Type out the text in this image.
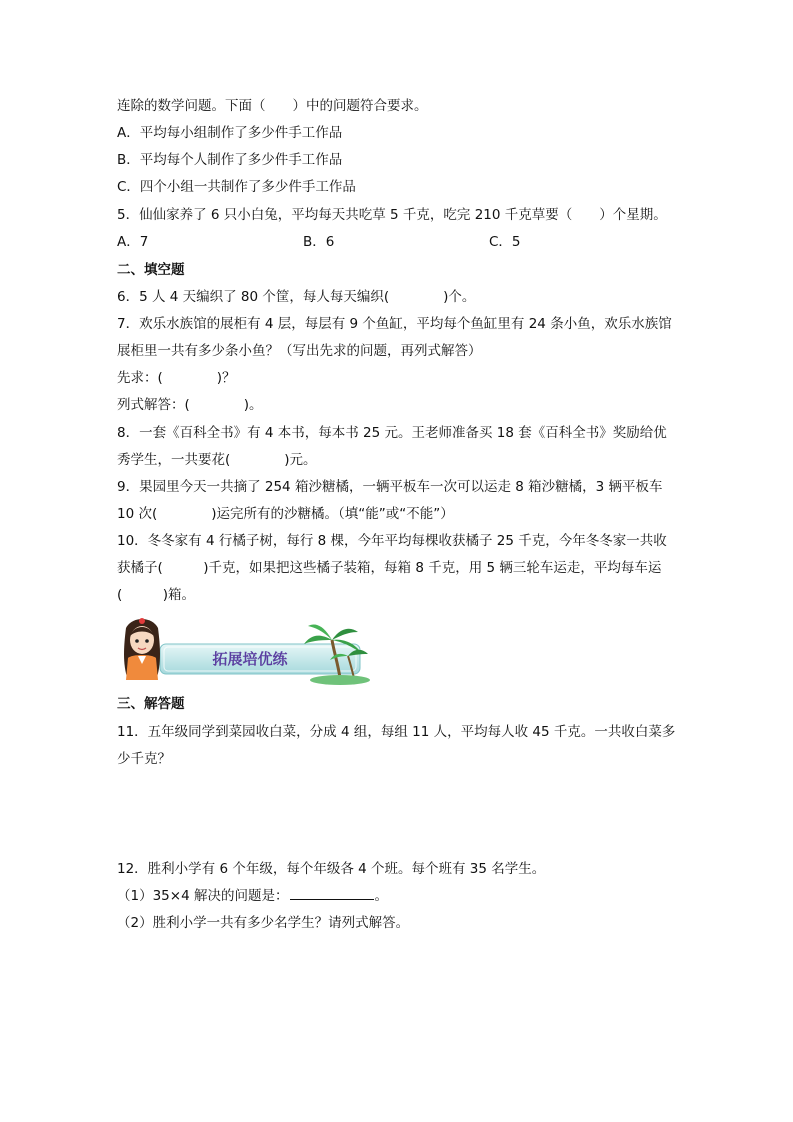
连除的数学问题。下面（　　）中的问题符合要求。
A．平均每小组制作了多少件手工作品
B．平均每个人制作了多少件手工作品
C．四个小组一共制作了多少件手工作品
5．仙仙家养了 6 只小白兔，平均每天共吃草 5 千克，吃完 210 千克草要（　　）个星期。
A．7	B．6	C．5
二、填空题
6．5 人 4 天编织了 80 个筐，每人每天编织(　　　　)个。
7．欢乐水族馆的展柜有 4 层，每层有 9 个鱼缸，平均每个鱼缸里有 24 条小鱼，欢乐水族馆
展柜里一共有多少条小鱼？（写出先求的问题，再列式解答）
先求：(　　　　)？
列式解答：(　　　　)。
8．一套《百科全书》有 4 本书，每本书 25 元。王老师准备买 18 套《百科全书》奖励给优
秀学生，一共要花(　　　　)元。
9．果园里今天一共摘了 254 箱沙糖橘，一辆平板车一次可以运走 8 箱沙糖橘，3 辆平板车
10 次(　　　　)运完所有的沙糖橘。（填“能”或“不能”）
10．冬冬家有 4 行橘子树，每行 8 棵，今年平均每棵收获橘子 25 千克，今年冬冬家一共收
获橘子(　　　)千克，如果把这些橘子装箱，每箱 8 千克，用 5 辆三轮车运走，平均每车运
(　　　)箱。
拓展培优练
三、解答题
11．五年级同学到菜园收白菜，分成 4 组，每组 11 人，平均每人收 45 千克。一共收白菜多
少千克？
12．胜利小学有 6 个年级，每个年级各 4 个班。每个班有 35 名学生。
（1）35×4 解决的问题是：	。
（2）胜利小学一共有多少名学生？请列式解答。
